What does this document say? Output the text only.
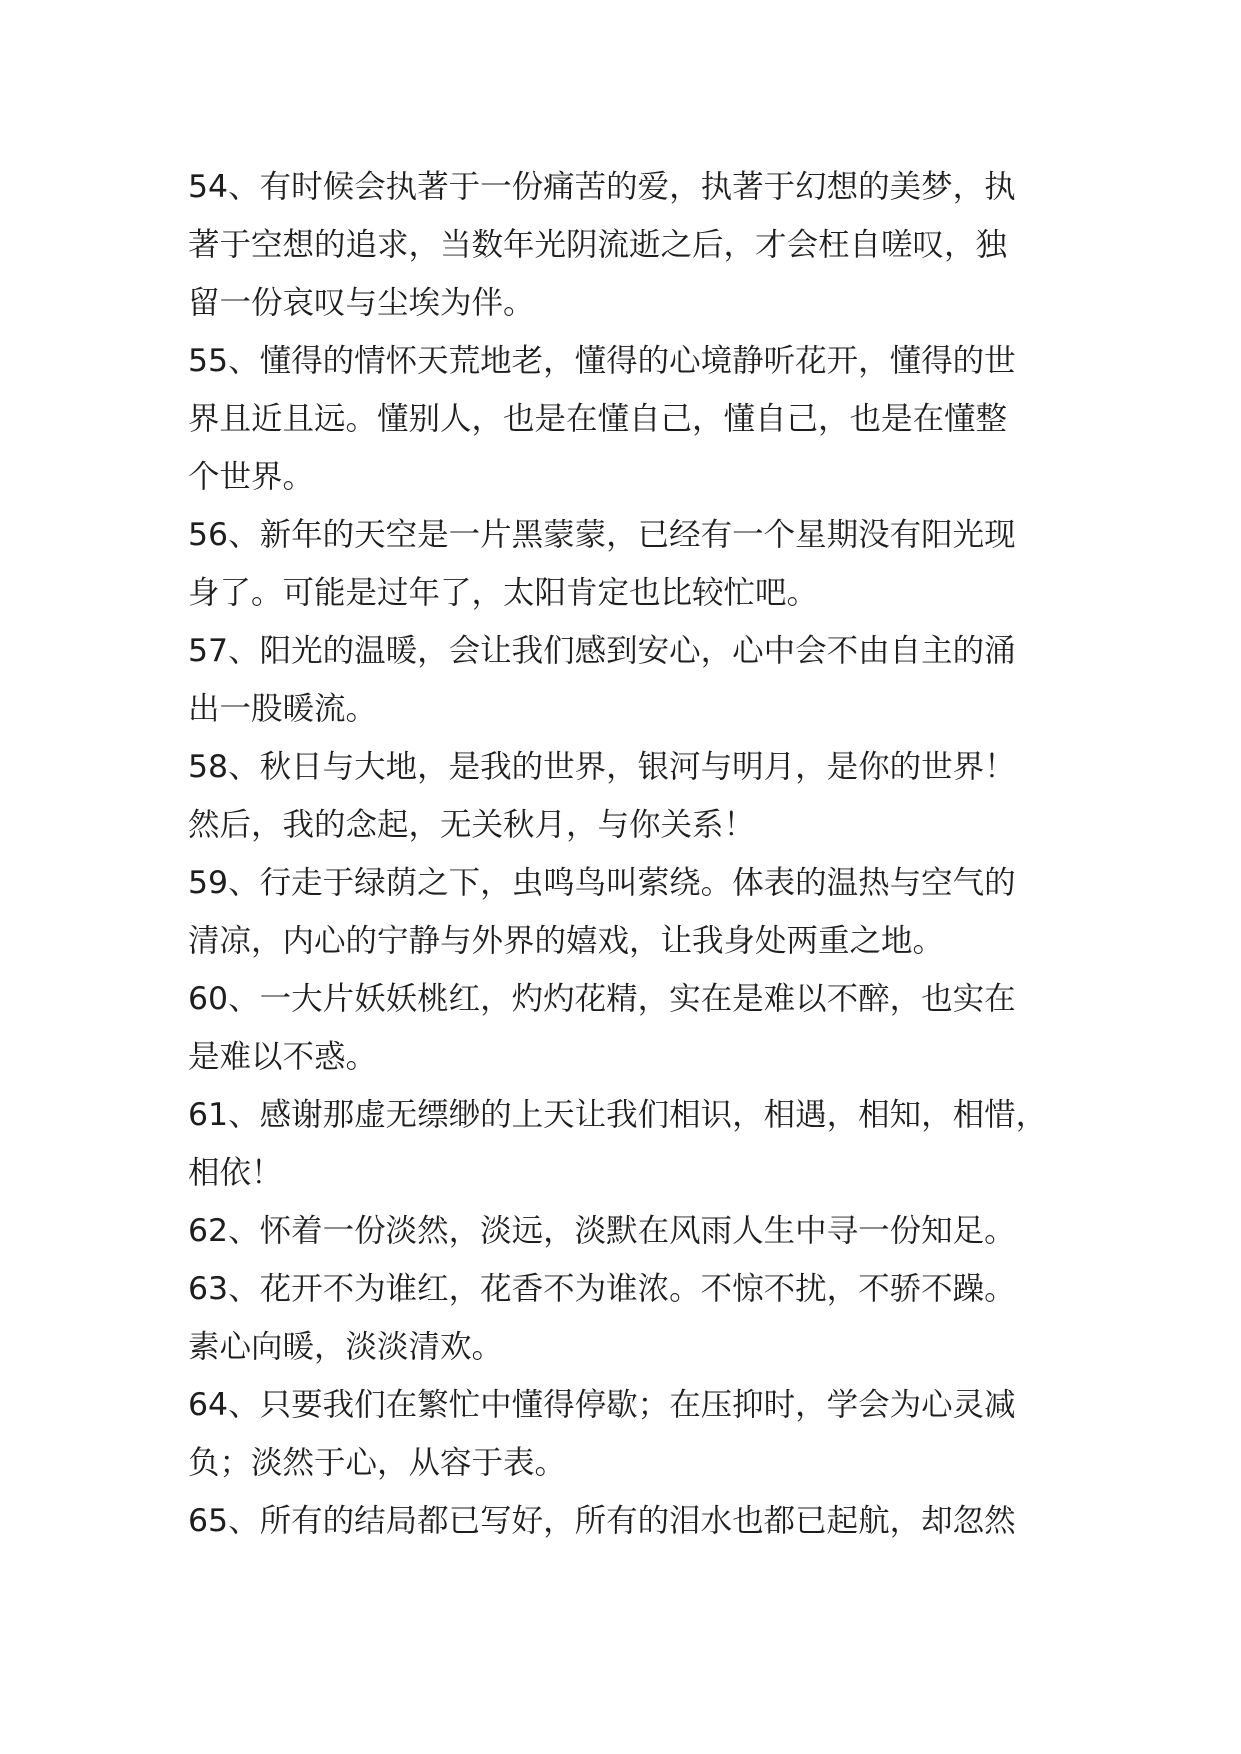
54、有时候会执著于一份痛苦的爱，执著于幻想的美梦，执
著于空想的追求，当数年光阴流逝之后，才会枉自嗟叹，独
留一份哀叹与尘埃为伴。
55、懂得的情怀天荒地老，懂得的心境静听花开，懂得的世
界且近且远。懂别人，也是在懂自己，懂自己，也是在懂整
个世界。
56、新年的天空是一片黑蒙蒙，已经有一个星期没有阳光现
身了。可能是过年了，太阳肯定也比较忙吧。
57、阳光的温暖，会让我们感到安心，心中会不由自主的涌
出一股暖流。
58、秋日与大地，是我的世界，银河与明月，是你的世界！
然后，我的念起，无关秋月，与你关系！
59、行走于绿荫之下，虫鸣鸟叫萦绕。体表的温热与空气的
清凉，内心的宁静与外界的嬉戏，让我身处两重之地。
60、一大片妖妖桃红，灼灼花精，实在是难以不醉，也实在
是难以不惑。
61、感谢那虚无缥缈的上天让我们相识，相遇，相知，相惜，
相依！
62、怀着一份淡然，淡远，淡默在风雨人生中寻一份知足。
63、花开不为谁红，花香不为谁浓。不惊不扰，不骄不躁。
素心向暖，淡淡清欢。
64、只要我们在繁忙中懂得停歇；在压抑时，学会为心灵减
负；淡然于心，从容于表。
65、所有的结局都已写好，所有的泪水也都已起航，却忽然
